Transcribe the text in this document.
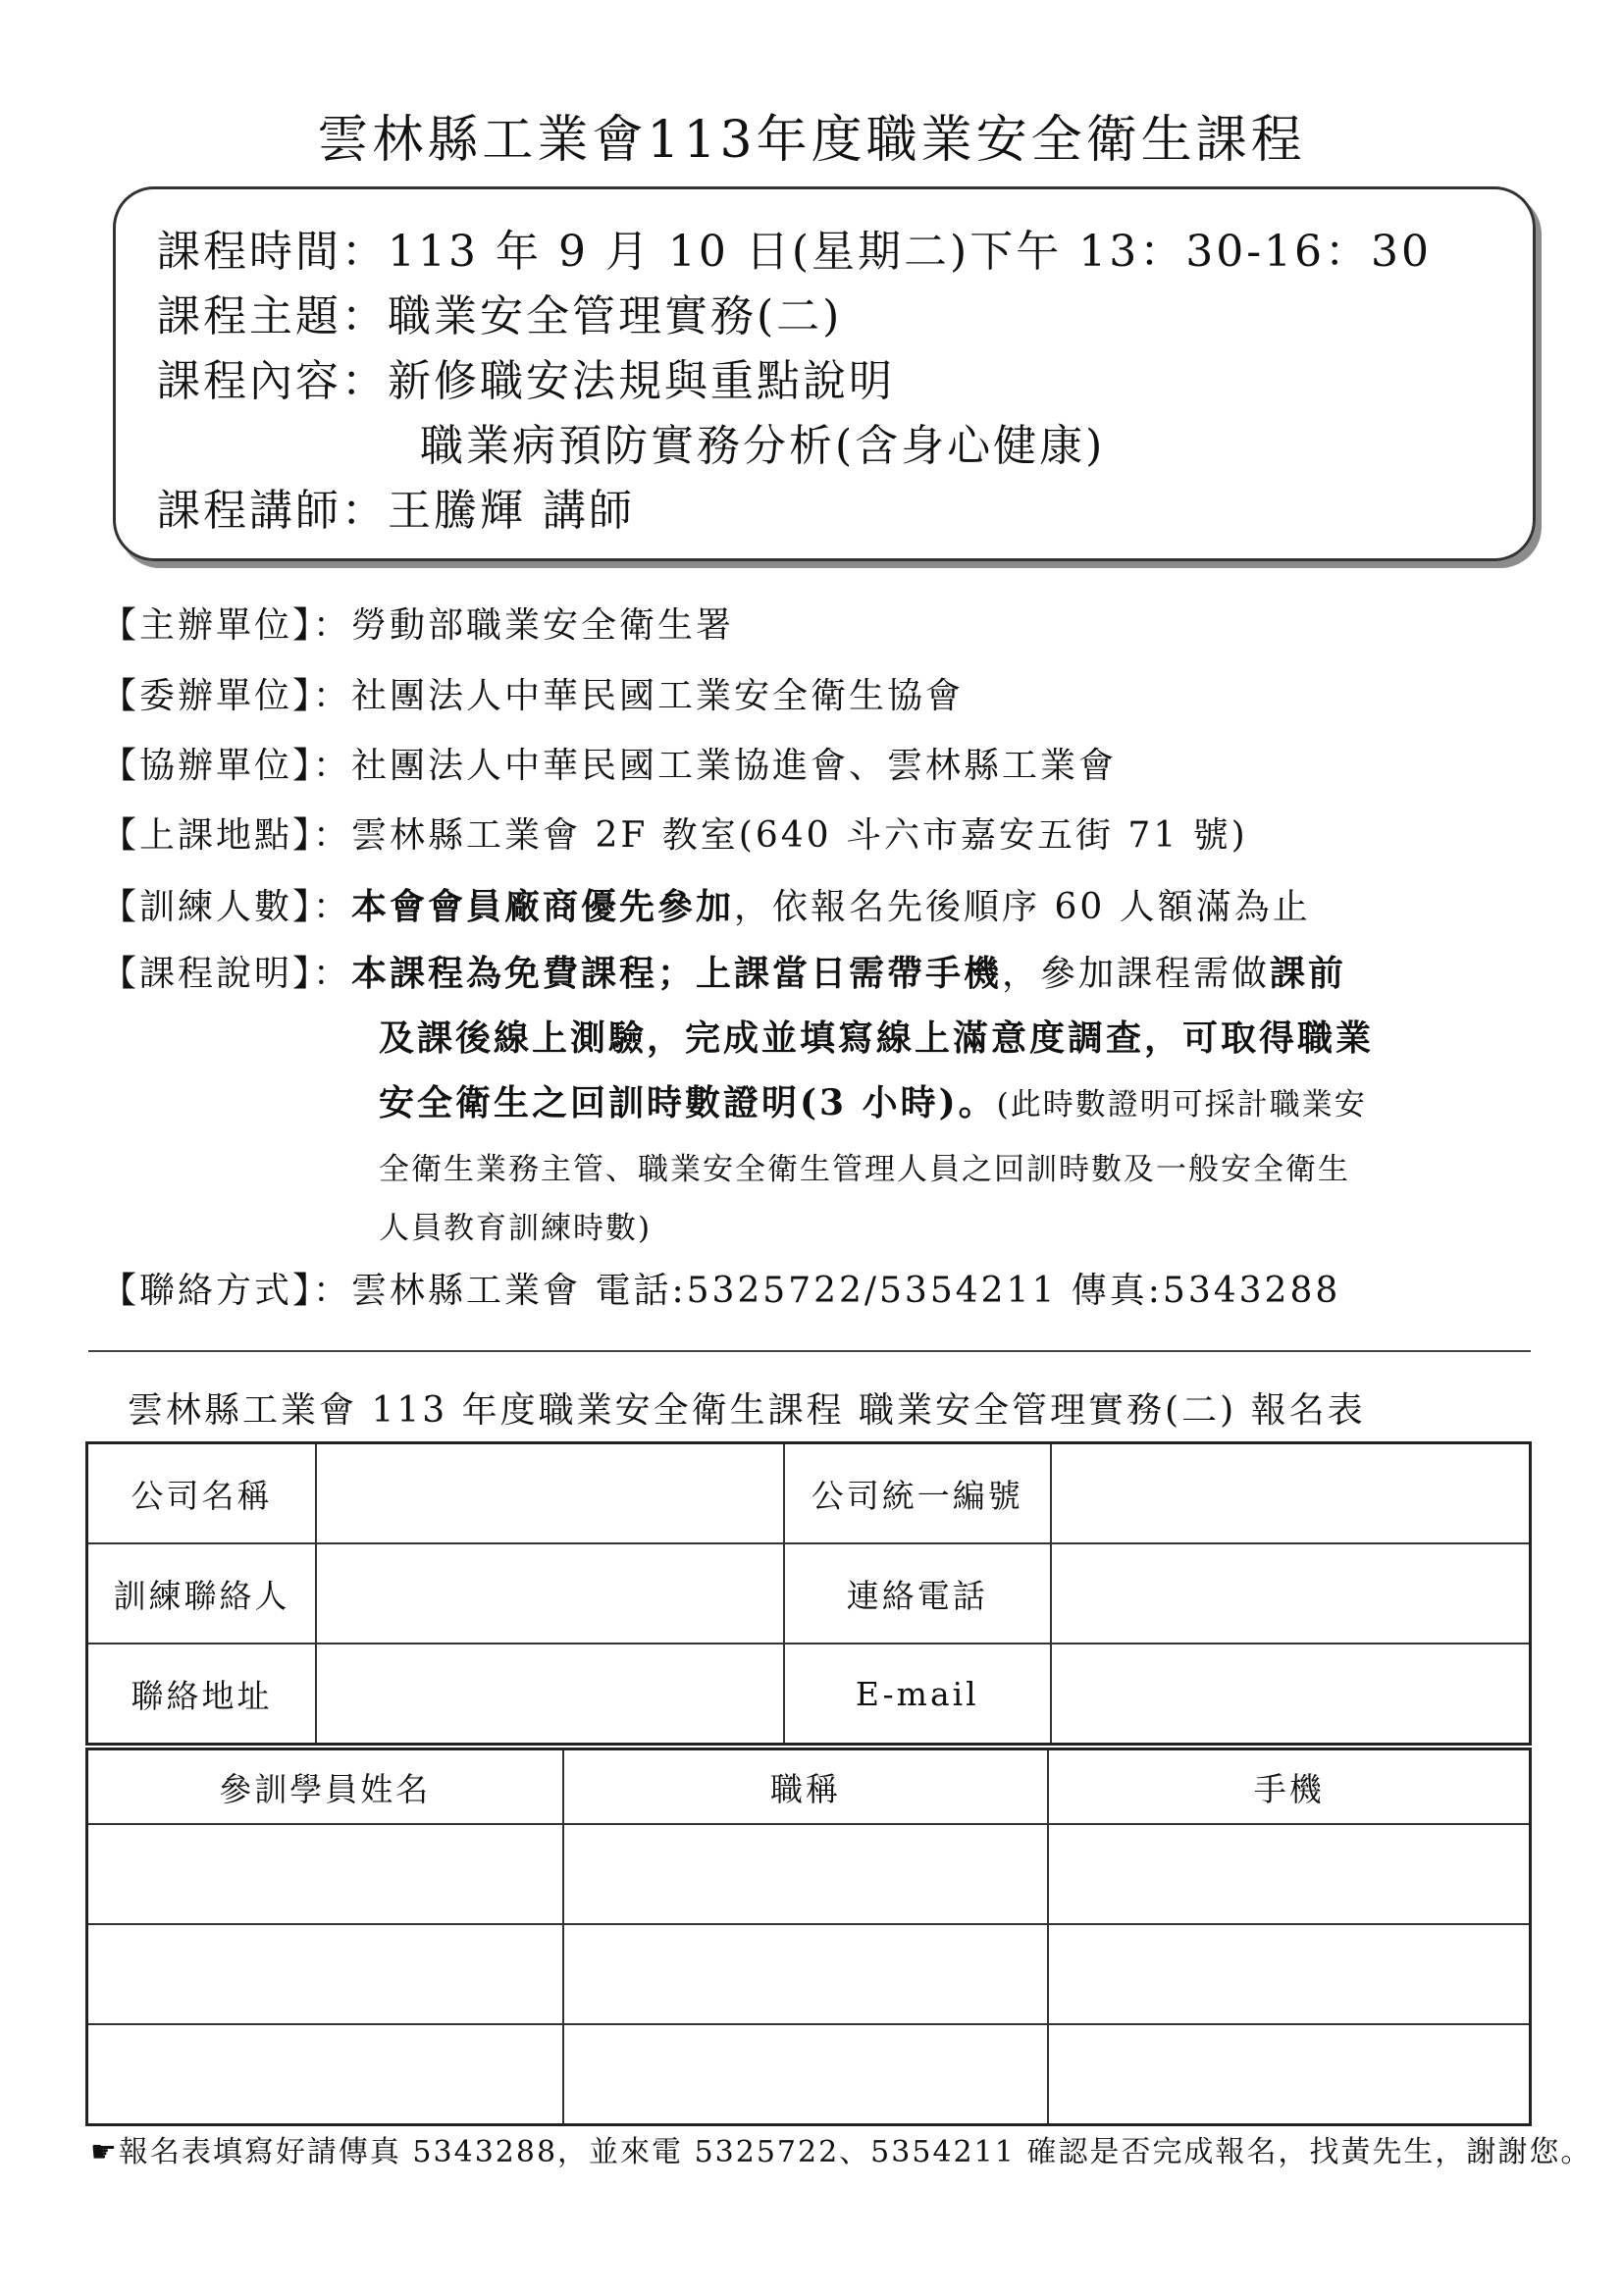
雲林縣工業會113年度職業安全衛生課程
課程時間：113 年 9 月 10 日(星期二)下午 13：30-16：30
課程主題：職業安全管理實務(二)
課程內容：新修職安法規與重點說明
職業病預防實務分析(含身心健康)
課程講師：王騰輝 講師
【主辦單位】：勞動部職業安全衛生署
【委辦單位】：社團法人中華民國工業安全衛生協會
【協辦單位】：社團法人中華民國工業協進會、雲林縣工業會
【上課地點】：雲林縣工業會 2F 教室(640 斗六市嘉安五街 71 號)
【訓練人數】：本會會員廠商優先參加，依報名先後順序 60 人額滿為止
【課程說明】：本課程為免費課程；上課當日需帶手機，參加課程需做課前
及課後線上測驗，完成並填寫線上滿意度調查，可取得職業
安全衛生之回訓時數證明(3 小時)。(此時數證明可採計職業安
全衛生業務主管、職業安全衛生管理人員之回訓時數及一般安全衛生
人員教育訓練時數)
【聯絡方式】：雲林縣工業會 電話:5325722/5354211 傳真:5343288
雲林縣工業會 113 年度職業安全衛生課程 職業安全管理實務(二) 報名表
公司名稱		公司統一編號	
訓練聯絡人		連絡電話	
聯絡地址		E-mail	
參訓學員姓名	職稱	手機

☛報名表填寫好請傳真 5343288，並來電 5325722、5354211 確認是否完成報名，找黃先生，謝謝您。
